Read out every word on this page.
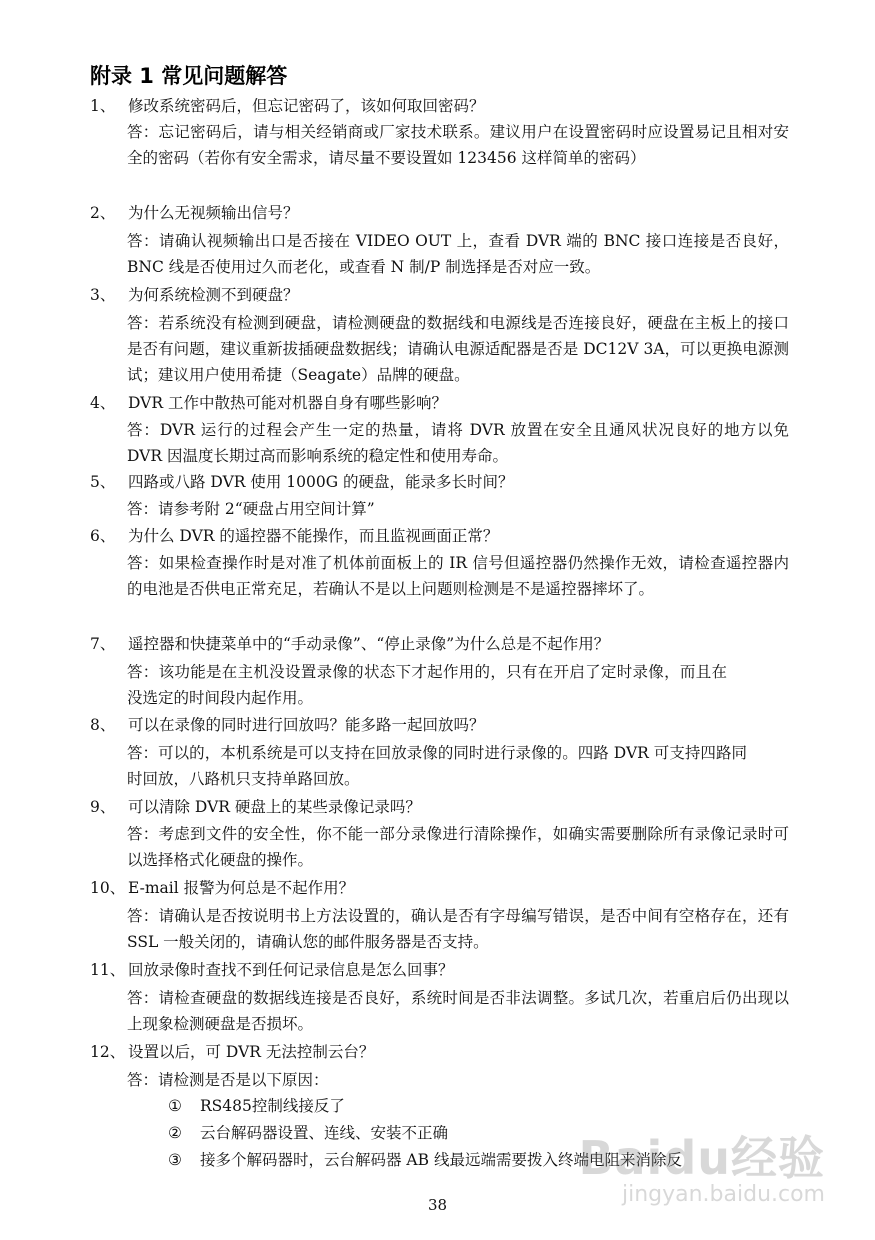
附录 1 常见问题解答
1、 修改系统密码后，但忘记密码了，该如何取回密码？
答：忘记密码后，请与相关经销商或厂家技术联系。建议用户在设置密码时应设置易记且相对安全的密码（若你有安全需求，请尽量不要设置如 123456 这样简单的密码）
2、 为什么无视频输出信号？
答：请确认视频输出口是否接在 VIDEO OUT 上，查看 DVR 端的 BNC 接口连接是否良好，BNC 线是否使用过久而老化，或查看 N 制/P 制选择是否对应一致。
3、 为何系统检测不到硬盘？
答：若系统没有检测到硬盘，请检测硬盘的数据线和电源线是否连接良好，硬盘在主板上的接口是否有问题，建议重新拔插硬盘数据线；请确认电源适配器是否是 DC12V 3A，可以更换电源测试；建议用户使用希捷（Seagate）品牌的硬盘。
4、 DVR 工作中散热可能对机器自身有哪些影响？
答：DVR 运行的过程会产生一定的热量，请将 DVR 放置在安全且通风状况良好的地方以免 DVR 因温度长期过高而影响系统的稳定性和使用寿命。
5、 四路或八路 DVR 使用 1000G 的硬盘，能录多长时间？
答：请参考附 2“硬盘占用空间计算”
6、 为什么 DVR 的遥控器不能操作，而且监视画面正常？
答：如果检查操作时是对准了机体前面板上的 IR 信号但遥控器仍然操作无效，请检查遥控器内的电池是否供电正常充足，若确认不是以上问题则检测是不是遥控器摔坏了。
7、 遥控器和快捷菜单中的“手动录像”、“停止录像”为什么总是不起作用？
答：该功能是在主机没设置录像的状态下才起作用的，只有在开启了定时录像，而且在没选定的时间段内起作用。
8、 可以在录像的同时进行回放吗？能多路一起回放吗？
答：可以的，本机系统是可以支持在回放录像的同时进行录像的。四路 DVR 可支持四路同时回放，八路机只支持单路回放。
9、 可以清除 DVR 硬盘上的某些录像记录吗？
答：考虑到文件的安全性，你不能一部分录像进行清除操作，如确实需要删除所有录像记录时可以选择格式化硬盘的操作。
10、 E-mail 报警为何总是不起作用？
答：请确认是否按说明书上方法设置的，确认是否有字母编写错误，是否中间有空格存在，还有 SSL 一般关闭的，请确认您的邮件服务器是否支持。
11、 回放录像时查找不到任何记录信息是怎么回事？
答：请检查硬盘的数据线连接是否良好，系统时间是否非法调整。多试几次，若重启后仍出现以上现象检测硬盘是否损坏。
12、 设置以后，可 DVR 无法控制云台？
答：请检测是否是以下原因：
① RS485控制线接反了
② 云台解码器设置、连线、安装不正确
③ 接多个解码器时，云台解码器 AB 线最远端需要拨入终端电阻来消除反
38
Baidu经验
jingyan.baidu.com
